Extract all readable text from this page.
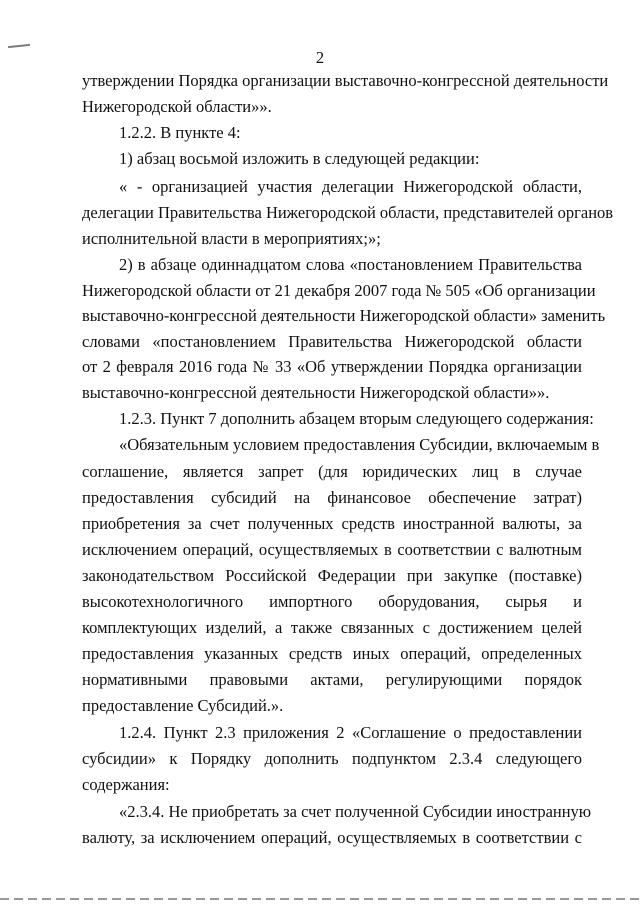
2
утверждении Порядка организации выставочно-конгрессной деятельности
Нижегородской области»».
1.2.2. В пункте 4:
1) абзац восьмой изложить в следующей редакции:
« - организацией участия делегации Нижегородской области,
делегации Правительства Нижегородской области, представителей органов
исполнительной власти в мероприятиях;»;
2) в абзаце одиннадцатом слова «постановлением Правительства
Нижегородской области от 21 декабря 2007 года № 505 «Об организации
выставочно-конгрессной деятельности Нижегородской области» заменить
словами «постановлением Правительства Нижегородской области
от 2 февраля 2016 года № 33 «Об утверждении Порядка организации
выставочно-конгрессной деятельности Нижегородской области»».
1.2.3. Пункт 7 дополнить абзацем вторым следующего содержания:
«Обязательным условием предоставления Субсидии, включаемым в
соглашение, является запрет (для юридических лиц в случае
предоставления субсидий на финансовое обеспечение затрат)
приобретения за счет полученных средств иностранной валюты, за
исключением операций, осуществляемых в соответствии с валютным
законодательством Российской Федерации при закупке (поставке)
высокотехнологичного импортного оборудования, сырья и
комплектующих изделий, а также связанных с достижением целей
предоставления указанных средств иных операций, определенных
нормативными правовыми актами, регулирующими порядок
предоставление Субсидий.».
1.2.4. Пункт 2.3 приложения 2 «Соглашение о предоставлении
субсидии» к Порядку дополнить подпунктом 2.3.4 следующего
содержания:
«2.3.4. Не приобретать за счет полученной Субсидии иностранную
валюту, за исключением операций, осуществляемых в соответствии с
